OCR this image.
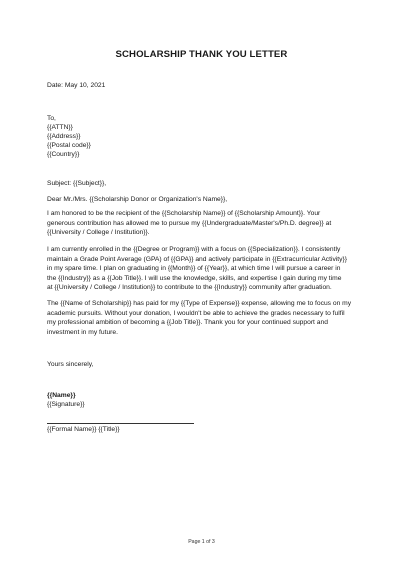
SCHOLARSHIP THANK YOU LETTER
Date: May 10, 2021
To,
{{ATTN}}
{{Address}}
{{Postal code}}
{{Country}}
Subject: {{Subject}},
Dear Mr./Mrs. {{Scholarship Donor or Organization's Name}},
I am honored to be the recipient of the {{Scholarship Name}} of {{Scholarship Amount}}. Your
generous contribution has allowed me to pursue my {{Undergraduate/Master's/Ph.D. degree}} at
{{University / College / Institution}}.
I am currently enrolled in the {{Degree or Program}} with a focus on {{Specialization}}. I consistently
maintain a Grade Point Average (GPA) of {{GPA}} and actively participate in {{Extracurricular Activity}}
in my spare time. I plan on graduating in {{Month}} of {{Year}}, at which time I will pursue a career in
the {{Industry}} as a {{Job Title}}. I will use the knowledge, skills, and expertise I gain during my time
at {{University / College / Institution}} to contribute to the {{Industry}} community after graduation.
The {{Name of Scholarship}} has paid for my {{Type of Expense}} expense, allowing me to focus on my
academic pursuits. Without your donation, I wouldn't be able to achieve the grades necessary to fulfil
my professional ambition of becoming a {{Job Title}}. Thank you for your continued support and
investment in my future.
Yours sincerely,
{{Name}}
{{Signature}}
{{Formal Name}} {{Title}}
Page 1 of 3
